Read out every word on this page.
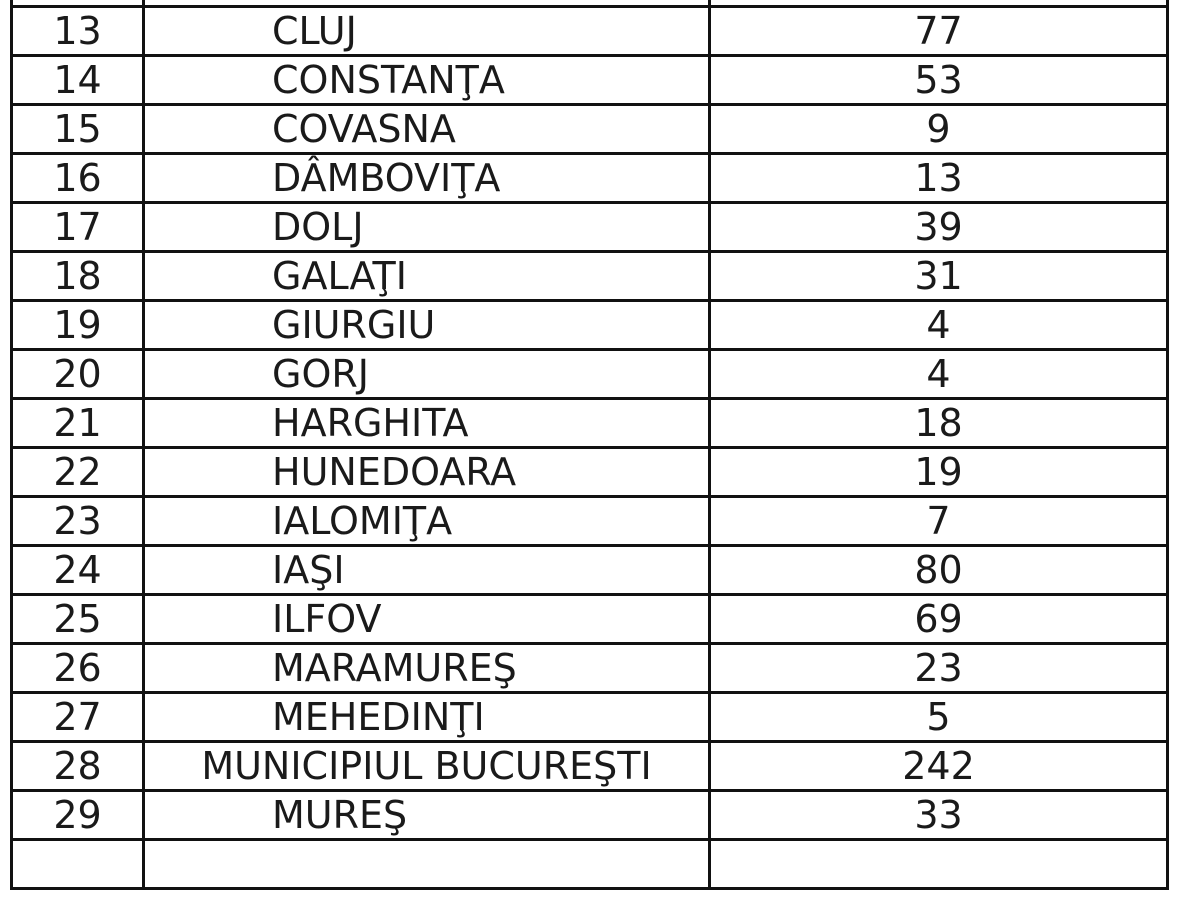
13	CLUJ	77
14	CONSTANŢA	53
15	COVASNA	9
16	DÂMBOVIŢA	13
17	DOLJ	39
18	GALAŢI	31
19	GIURGIU	4
20	GORJ	4
21	HARGHITA	18
22	HUNEDOARA	19
23	IALOMIŢA	7
24	IAŞI	80
25	ILFOV	69
26	MARAMUREŞ	23
27	MEHEDINŢI	5
28	MUNICIPIUL BUCUREŞTI	242
29	MUREŞ	33
